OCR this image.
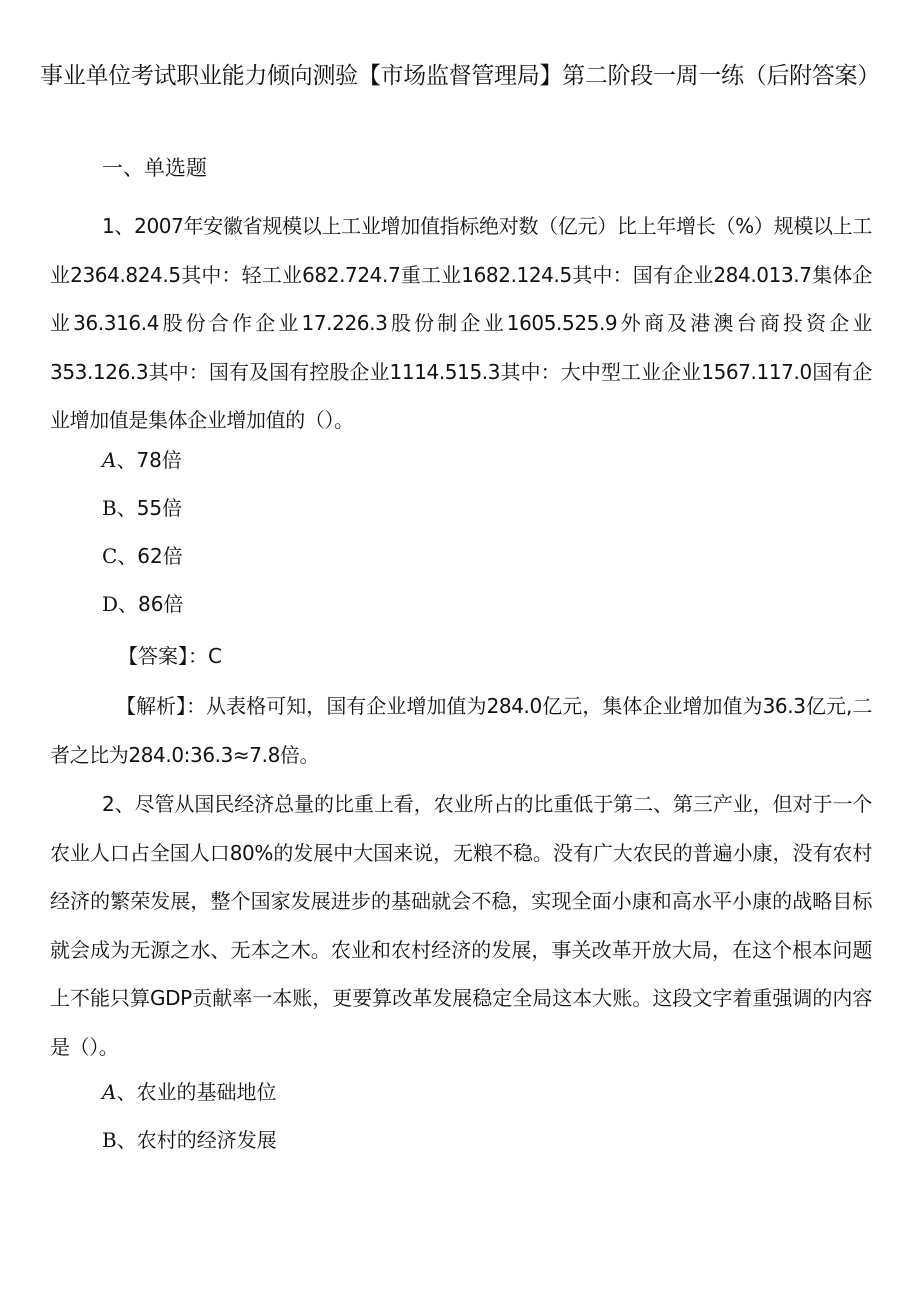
事业单位考试职业能力倾向测验【市场监督管理局】第二阶段一周一练（后附答案）
一、单选题
1、2007年安徽省规模以上工业增加值指标绝对数（亿元）比上年增长（%）规模以上工业2364.824.5其中：轻工业682.724.7重工业1682.124.5其中：国有企业284.013.7集体企业36.316.4股份合作企业17.226.3股份制企业1605.525.9外商及港澳台商投资企业353.126.3其中：国有及国有控股企业1114.515.3其中：大中型工业企业1567.117.0国有企业增加值是集体企业增加值的（）。
A、78倍
B、55倍
C、62倍
D、86倍
【答案】：C
【解析】：从表格可知，国有企业增加值为284.0亿元，集体企业增加值为36.3亿元,二者之比为284.0:36.3≈7.8倍。
2、尽管从国民经济总量的比重上看，农业所占的比重低于第二、第三产业，但对于一个农业人口占全国人口80%的发展中大国来说，无粮不稳。没有广大农民的普遍小康，没有农村经济的繁荣发展，整个国家发展进步的基础就会不稳，实现全面小康和高水平小康的战略目标就会成为无源之水、无本之木。农业和农村经济的发展，事关改革开放大局，在这个根本问题上不能只算GDP贡献率一本账，更要算改革发展稳定全局这本大账。这段文字着重强调的内容是（）。
A、农业的基础地位
B、农村的经济发展
